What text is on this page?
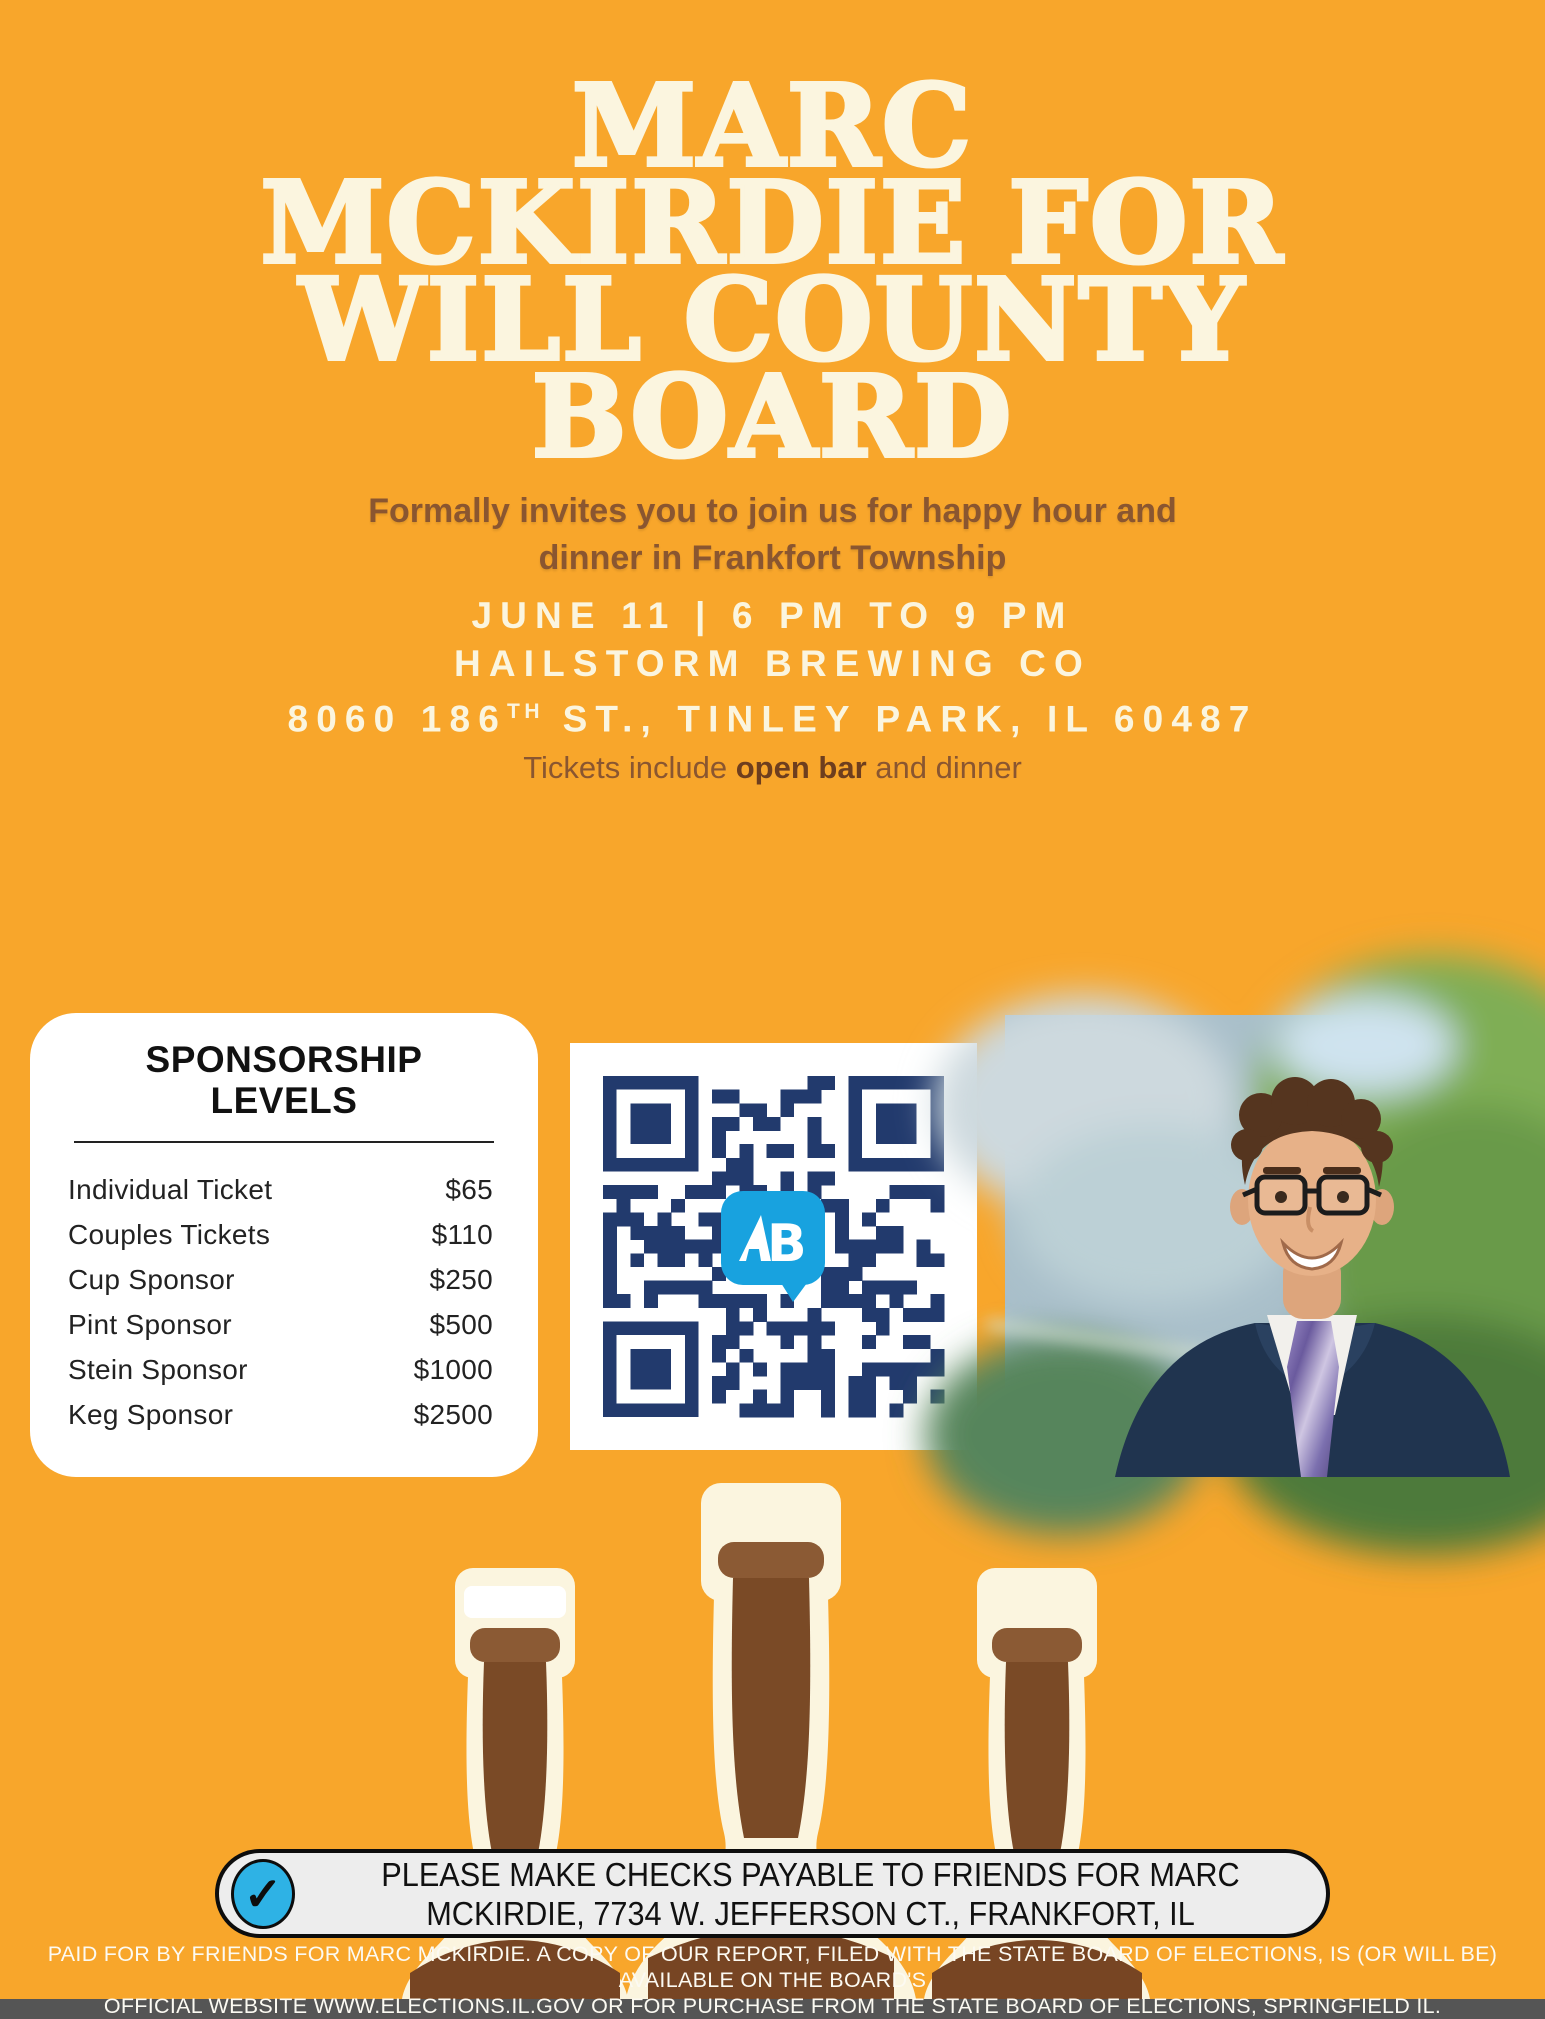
MARC
MCKIRDIE FOR
WILL COUNTY
BOARD
Formally invites you to join us for happy hour and
dinner in Frankfort Township
JUNE 11 | 6 PM TO 9 PM
HAILSTORM BREWING CO
8060 186TH ST., TINLEY PARK, IL 60487
Tickets include open bar and dinner
SPONSORSHIP
LEVELS
Individual Ticket	$65
Couples Tickets	$110
Cup Sponsor	$250
Pint Sponsor	$500
Stein Sponsor	$1000
Keg Sponsor	$2500
B
✓	PLEASE MAKE CHECKS PAYABLE TO FRIENDS FOR MARC
MCKIRDIE, 7734 W. JEFFERSON CT., FRANKFORT, IL
PAID FOR BY FRIENDS FOR MARC MCKIRDIE. A COPY OF OUR REPORT, FILED WITH THE STATE BOARD OF ELECTIONS, IS (OR WILL BE) AVAILABLE ON THE BOARD'S
OFFICIAL WEBSITE WWW.ELECTIONS.IL.GOV OR FOR PURCHASE FROM THE STATE BOARD OF ELECTIONS, SPRINGFIELD IL.
